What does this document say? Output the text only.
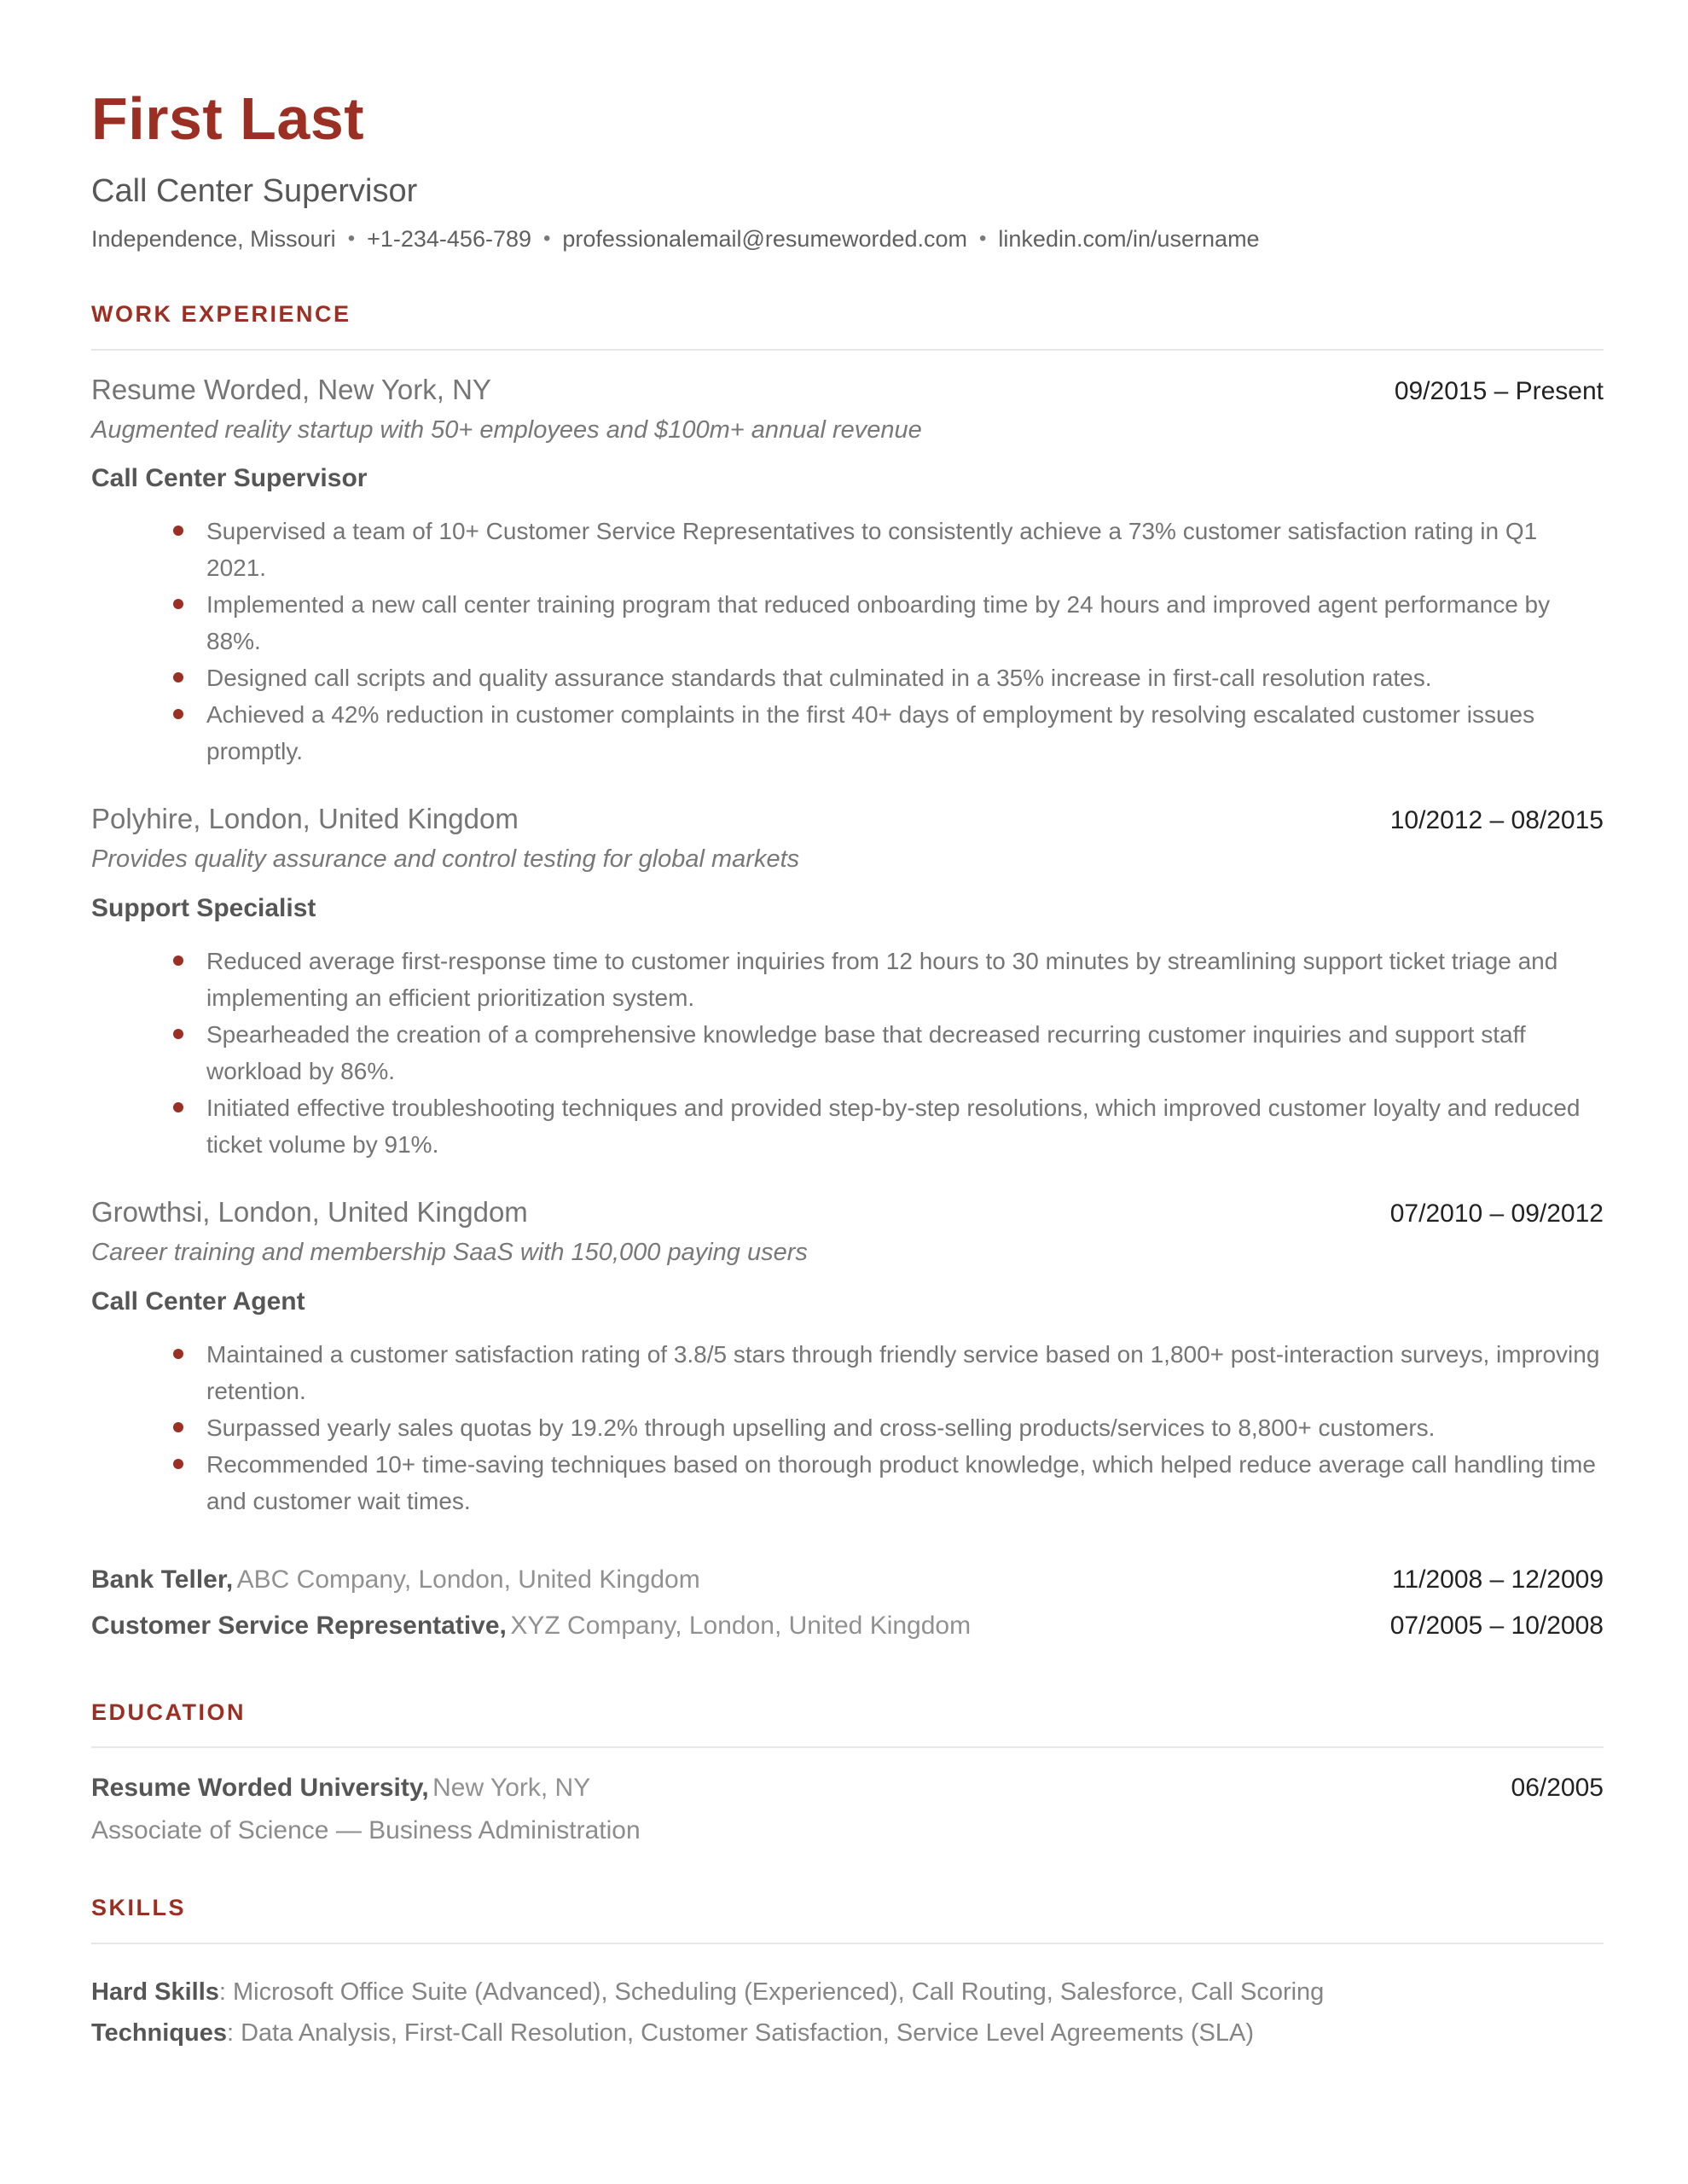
First Last
Call Center Supervisor
Independence, Missouri • +1-234-456-789 • professionalemail@resumeworded.com • linkedin.com/in/username
WORK EXPERIENCE
Resume Worded, New York, NY	09/2015 – Present
Augmented reality startup with 50+ employees and $100m+ annual revenue
Call Center Supervisor
Supervised a team of 10+ Customer Service Representatives to consistently achieve a 73% customer satisfaction rating in Q1 2021.
Implemented a new call center training program that reduced onboarding time by 24 hours and improved agent performance by 88%.
Designed call scripts and quality assurance standards that culminated in a 35% increase in first-call resolution rates.
Achieved a 42% reduction in customer complaints in the first 40+ days of employment by resolving escalated customer issues promptly.
Polyhire, London, United Kingdom	10/2012 – 08/2015
Provides quality assurance and control testing for global markets
Support Specialist
Reduced average first-response time to customer inquiries from 12 hours to 30 minutes by streamlining support ticket triage and implementing an efficient prioritization system.
Spearheaded the creation of a comprehensive knowledge base that decreased recurring customer inquiries and support staff workload by 86%.
Initiated effective troubleshooting techniques and provided step-by-step resolutions, which improved customer loyalty and reduced ticket volume by 91%.
Growthsi, London, United Kingdom	07/2010 – 09/2012
Career training and membership SaaS with 150,000 paying users
Call Center Agent
Maintained a customer satisfaction rating of 3.8/5 stars through friendly service based on 1,800+ post-interaction surveys, improving retention.
Surpassed yearly sales quotas by 19.2% through upselling and cross-selling products/services to 8,800+ customers.
Recommended 10+ time-saving techniques based on thorough product knowledge, which helped reduce average call handling time and customer wait times.
Bank Teller, ABC Company, London, United Kingdom	11/2008 – 12/2009
Customer Service Representative, XYZ Company, London, United Kingdom	07/2005 – 10/2008
EDUCATION
Resume Worded University, New York, NY	06/2005
Associate of Science — Business Administration
SKILLS
Hard Skills: Microsoft Office Suite (Advanced), Scheduling (Experienced), Call Routing, Salesforce, Call Scoring
Techniques: Data Analysis, First-Call Resolution, Customer Satisfaction, Service Level Agreements (SLA)
